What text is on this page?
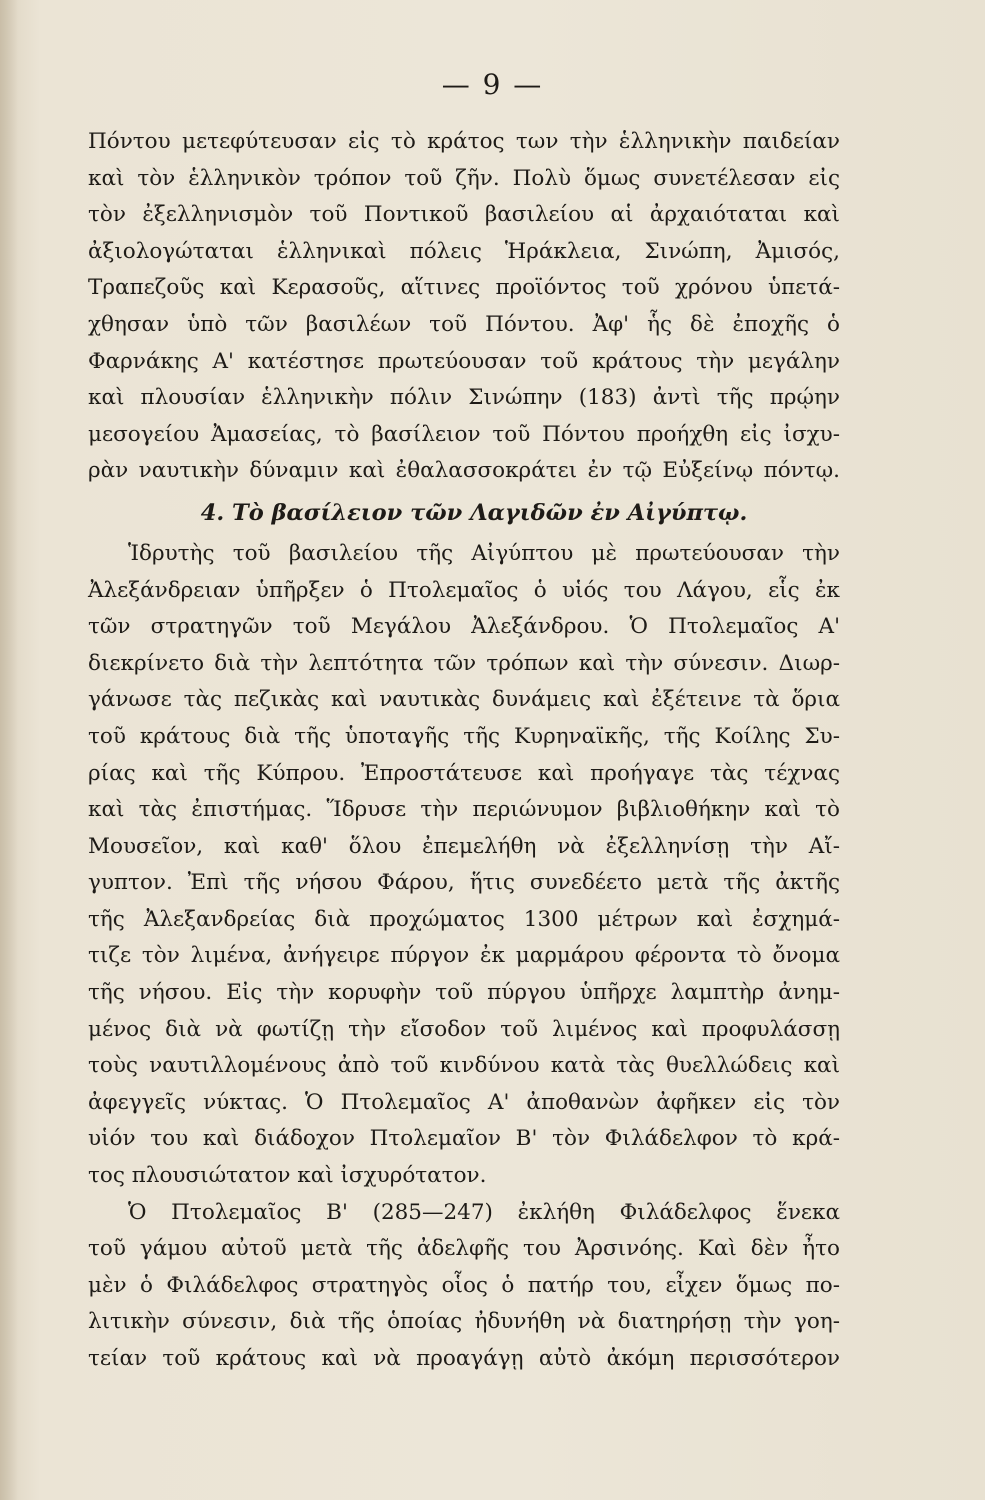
— 9 —
Πόντου μετεφύτευσαν εἰς τὸ κράτος των τὴν ἑλληνικὴν παιδείαν
καὶ τὸν ἑλληνικὸν τρόπον τοῦ ζῆν. Πολὺ ὅμως συνετέλεσαν εἰς
τὸν ἐξελληνισμὸν τοῦ Ποντικοῦ βασιλείου αἱ ἀρχαιόταται καὶ
ἀξιολογώταται ἑλληνικαὶ πόλεις Ἡράκλεια, Σινώπη, Ἀμισός,
Τραπεζοῦς καὶ Κερασοῦς, αἵτινες προϊόντος τοῦ χρόνου ὑπετά-
χθησαν ὑπὸ τῶν βασιλέων τοῦ Πόντου. Ἀφ' ἧς δὲ ἐποχῆς ὁ
Φαρνάκης Α' κατέστησε πρωτεύουσαν τοῦ κράτους τὴν μεγάλην
καὶ πλουσίαν ἑλληνικὴν πόλιν Σινώπην (183) ἀντὶ τῆς πρῴην
μεσογείου Ἀμασείας, τὸ βασίλειον τοῦ Πόντου προήχθη εἰς ἰσχυ-
ρὰν ναυτικὴν δύναμιν καὶ ἐθαλασσοκράτει ἐν τῷ Εὐξείνῳ πόντῳ.
4. Τὸ βασίλειον τῶν Λαγιδῶν ἐν Αἰγύπτῳ.
Ἱδρυτὴς τοῦ βασιλείου τῆς Αἰγύπτου μὲ πρωτεύουσαν τὴν
Ἀλεξάνδρειαν ὑπῆρξεν ὁ Πτολεμαῖος ὁ υἱός του Λάγου, εἷς ἐκ
τῶν στρατηγῶν τοῦ Μεγάλου Ἀλεξάνδρου. Ὁ Πτολεμαῖος Α'
διεκρίνετο διὰ τὴν λεπτότητα τῶν τρόπων καὶ τὴν σύνεσιν. Διωρ-
γάνωσε τὰς πεζικὰς καὶ ναυτικὰς δυνάμεις καὶ ἐξέτεινε τὰ ὅρια
τοῦ κράτους διὰ τῆς ὑποταγῆς τῆς Κυρηναϊκῆς, τῆς Κοίλης Συ-
ρίας καὶ τῆς Κύπρου. Ἐπροστάτευσε καὶ προήγαγε τὰς τέχνας
καὶ τὰς ἐπιστήμας. Ἵδρυσε τὴν περιώνυμον βιβλιοθήκην καὶ τὸ
Μουσεῖον, καὶ καθ' ὅλου ἐπεμελήθη νὰ ἐξελληνίσῃ τὴν Αἴ-
γυπτον. Ἐπὶ τῆς νήσου Φάρου, ἥτις συνεδέετο μετὰ τῆς ἀκτῆς
τῆς Ἀλεξανδρείας διὰ προχώματος 1300 μέτρων καὶ ἐσχημά-
τιζε τὸν λιμένα, ἀνήγειρε πύργον ἐκ μαρμάρου φέροντα τὸ ὄνομα
τῆς νήσου. Εἰς τὴν κορυφὴν τοῦ πύργου ὑπῆρχε λαμπτὴρ ἀνημ-
μένος διὰ νὰ φωτίζῃ τὴν εἴσοδον τοῦ λιμένος καὶ προφυλάσσῃ
τοὺς ναυτιλλομένους ἀπὸ τοῦ κινδύνου κατὰ τὰς θυελλώδεις καὶ
ἀφεγγεῖς νύκτας. Ὁ Πτολεμαῖος Α' ἀποθανὼν ἀφῆκεν εἰς τὸν
υἱόν του καὶ διάδοχον Πτολεμαῖον Β' τὸν Φιλάδελφον τὸ κρά-
τος πλουσιώτατον καὶ ἰσχυρότατον.
Ὁ Πτολεμαῖος Β' (285—247) ἐκλήθη Φιλάδελφος ἕνεκα
τοῦ γάμου αὐτοῦ μετὰ τῆς ἀδελφῆς του Ἀρσινόης. Καὶ δὲν ἦτο
μὲν ὁ Φιλάδελφος στρατηγὸς οἷος ὁ πατήρ του, εἶχεν ὅμως πο-
λιτικὴν σύνεσιν, διὰ τῆς ὁποίας ἠδυνήθη νὰ διατηρήσῃ τὴν γοη-
τείαν τοῦ κράτους καὶ νὰ προαγάγῃ αὐτὸ ἀκόμη περισσότερον
